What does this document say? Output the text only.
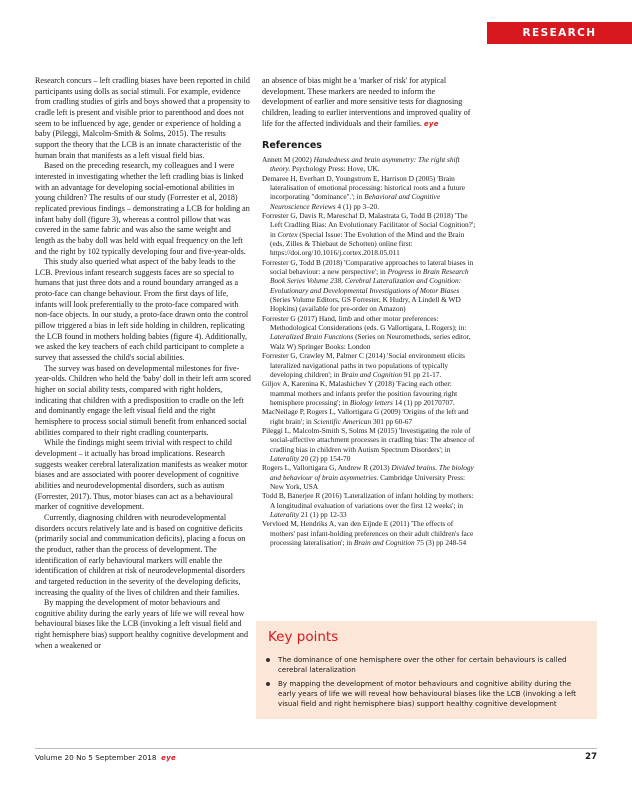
RESEARCH

Research concurs – left cradling biases have been reported in child participants using dolls as social stimuli. For example, evidence from cradling studies of girls and boys showed that a propensity to cradle left is present and visible prior to parenthood and does not seem to be influenced by age, gender or experience of holding a baby (Pileggi, Malcolm-Smith & Solms, 2015). The results support the theory that the LCB is an innate characteristic of the human brain that manifests as a left visual field bias.

Based on the preceding research, my colleagues and I were interested in investigating whether the left cradling bias is linked with an advantage for developing social-emotional abilities in young children? The results of our study (Forrester et al, 2018) replicated previous findings – demonstrating a LCB for holding an infant baby doll (figure 3), whereas a control pillow that was covered in the same fabric and was also the same weight and length as the baby doll was held with equal frequency on the left and the right by 102 typically developing four and five-year-olds.

This study also queried what aspect of the baby leads to the LCB. Previous infant research suggests faces are so special to humans that just three dots and a round boundary arranged as a proto-face can change behaviour. From the first days of life, infants will look preferentially to the proto-face compared with non-face objects. In our study, a proto-face drawn onto the control pillow triggered a bias in left side holding in children, replicating the LCB found in mothers holding babies (figure 4). Additionally, we asked the key teachers of each child participant to complete a survey that assessed the child's social abilities.

The survey was based on developmental milestones for five-year-olds. Children who held the 'baby' doll in their left arm scored higher on social ability tests, compared with right holders, indicating that children with a predisposition to cradle on the left and dominantly engage the left visual field and the right hemisphere to process social stimuli benefit from enhanced social abilities compared to their right cradling counterparts.

While the findings might seem trivial with respect to child development – it actually has broad implications. Research suggests weaker cerebral lateralization manifests as weaker motor biases and are associated with poorer development of cognitive abilities and neurodevelopmental disorders, such as autism (Forrester, 2017). Thus, motor biases can act as a behavioural marker of cognitive development.

Currently, diagnosing children with neurodevelopmental disorders occurs relatively late and is based on cognitive deficits (primarily social and communication deficits), placing a focus on the product, rather than the process of development. The identification of early behavioural markers will enable the identification of children at risk of neurodevelopmental disorders and targeted reduction in the severity of the developing deficits, increasing the quality of the lives of children and their families.

By mapping the development of motor behaviours and cognitive ability during the early years of life we will reveal how behavioural biases like the LCB (invoking a left visual field and right hemisphere bias) support healthy cognitive development and when a weakened or

an absence of bias might be a 'marker of risk' for atypical development. These markers are needed to inform the development of earlier and more sensitive tests for diagnosing children, leading to earlier interventions and improved quality of life for the affected individuals and their families. eye

References
Annett M (2002) Handedness and brain asymmetry: The right shift theory. Psychology Press: Hove, UK.
Demaree H, Everhart D, Youngstrom E, Harrison D (2005) 'Brain lateralisation of emotional processing: historical roots and a future incorporating "dominance".'; in Behavioral and Cognitive Neuroscience Reviews 4 (1) pp 3–20.
Forrester G, Davis R, Mareschal D, Malastrata G, Todd B (2018) 'The Left Cradling Bias: An Evolutionary Facilitator of Social Cognition?'; in Cortex (Special Issue: The Evolution of the Mind and the Brain (eds, Zilles & Thiebaut de Schotten) online first: https://doi.org/10.1016/j.cortex.2018.05.011
Forrester G, Todd B (2018) 'Comparative approaches to lateral biases in social behaviour: a new perspective'; in Progress in Brain Research Book Series Volume 238, Cerebral Lateralization and Cognition: Evolutionary and Developmental Investigations of Motor Biases (Series Volume Editors, GS Forrester, K Hudry, A Lindell & WD Hopkins) (available for pre-order on Amazon)
Forrester G (2017) Hand, limb and other motor preferences: Methodological Considerations (eds. G Vallortigara, L Rogers); in: Lateralized Brain Functions (Series on Neuromethods, series editor, Walz W) Springer Books: London
Forrester G, Crawley M, Palmer C (2014) 'Social environment elicits lateralized navigational paths in two populations of typically developing children'; in Brain and Cognition 91 pp 21-17.
Giljov A, Karenina K, Malashichev Y (2018) 'Facing each other: mammal mothers and infants prefer the position favouring right hemisphere processing'; in Biology letters 14 (1) pp 20170707.
MacNeilage P, Rogers L, Vallortigara G (2009) 'Origins of the left and right brain'; in Scientific American 301 pp 60-67
Pileggi L, Malcolm-Smith S, Solms M (2015) 'Investigating the role of social-affective attachment processes in cradling bias: The absence of cradling bias in children with Autism Spectrum Disorders'; in Laterality 20 (2) pp 154-70
Rogers L, Vallortigara G, Andrew R (2013) Divided brains. The biology and behaviour of brain asymmetries. Cambridge University Press: New York, USA
Todd B, Banerjee R (2016) 'Lateralization of infant holding by mothers: A longitudinal evaluation of variations over the first 12 weeks'; in Laterality 21 (1) pp 12-33
Vervloed M, Hendriks A, van den Eijnde E (2011) 'The effects of mothers' past infant-holding preferences on their adult children's face processing lateralisation'; in Brain and Cognition 75 (3) pp 248-54
Key points
The dominance of one hemisphere over the other for certain behaviours is called cerebral lateralization
By mapping the development of motor behaviours and cognitive ability during the early years of life we will reveal how behavioural biases like the LCB (invoking a left visual field and right hemisphere bias) support healthy cognitive development
Volume 20 No 5 September 2018 eye	27
